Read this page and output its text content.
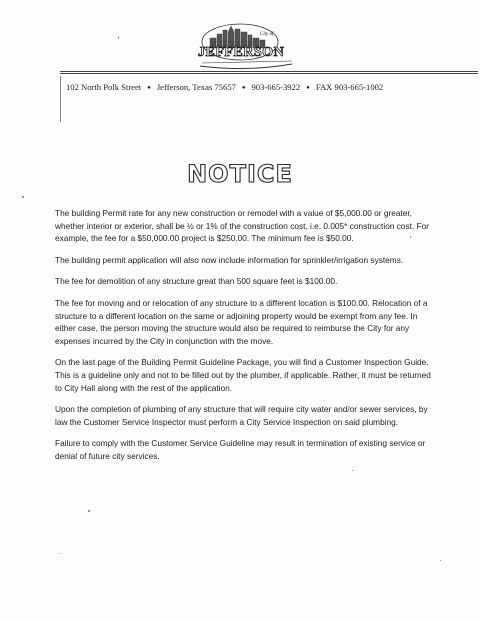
City of
JEFFERSON
102 North Polk Street ● Jefferson, Texas 75657 ● 903-665-3922 ● FAX 903-665-1002
NOTICE

The building Permit rate for any new construction or remodel with a value of $5,000.00 or greater, whether interior or exterior, shall be ½ or 1% of the construction cost, i.e. 0.005* construction cost. For example, the fee for a $50,000.00 project is $250.00. The minimum fee is $50.00.

The building permit application will also now include information for sprinkler/irrigation systems.

The fee for demolition of any structure great than 500 square feet is $100.00.

The fee for moving and or relocation of any structure to a different location is $100.00. Relocation of a structure to a different location on the same or adjoining property would be exempt from any fee. In either case, the person moving the structure would also be required to reimburse the City for any expenses incurred by the City in conjunction with the move.

On the last page of the Building Permit Guideline Package, you will find a Customer Inspection Guide. This is a guideline only and not to be filled out by the plumber, if applicable. Rather, it must be returned to City Hall along with the rest of the application.

Upon the completion of plumbing of any structure that will require city water and/or sewer services, by law the Customer Service Inspector must perform a City Service Inspection on said plumbing.

Failure to comply with the Customer Service Guideline may result in termination of existing service or denial of future city services.
